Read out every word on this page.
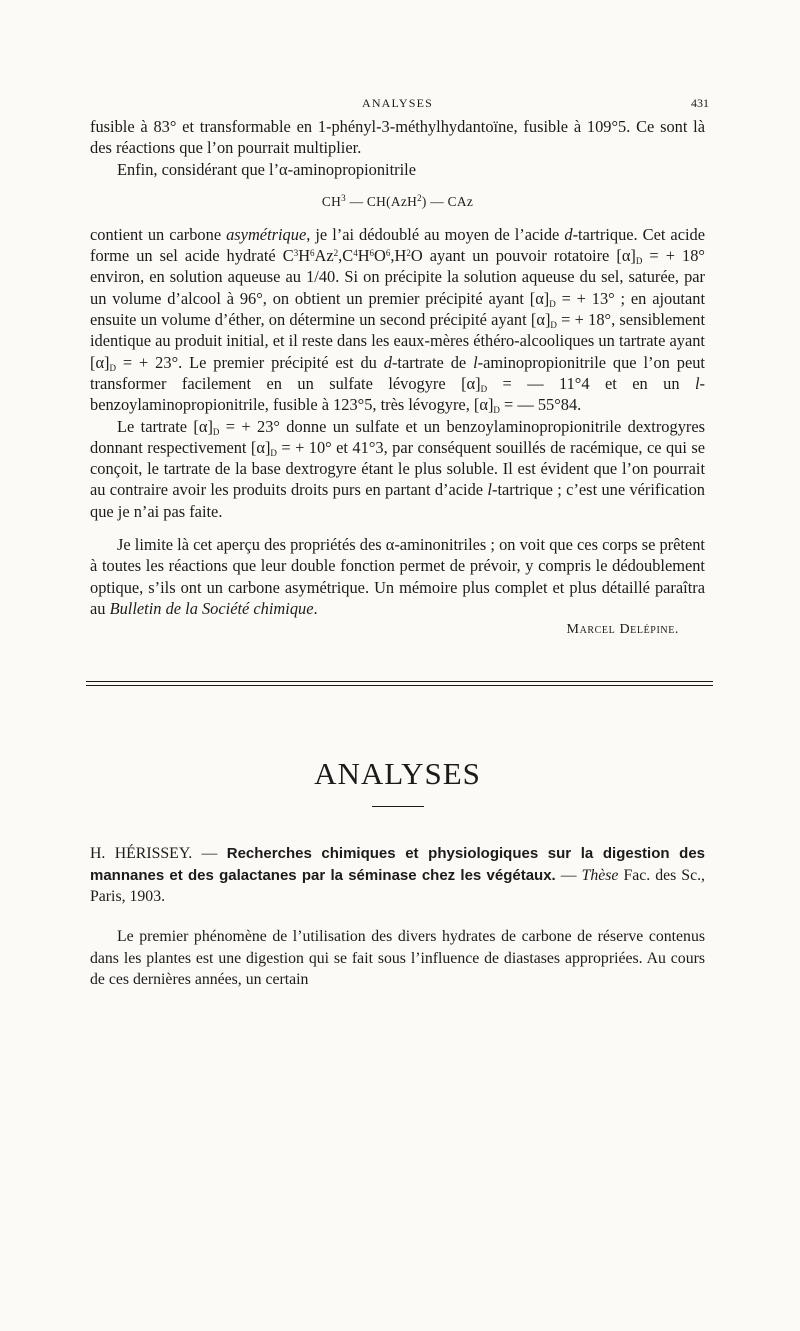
ANALYSES	431

fusible à 83° et transformable en 1-phényl-3-méthylhydantoïne, fusible à 109°5. Ce sont là des réactions que l’on pourrait multiplier.

Enfin, considérant que l’α-aminopropionitrile

$CH^3$ — CH(AzH$^2$) — CAz

contient un carbone asymétrique, je l’ai dédoublé au moyen de l’acide d-tartrique. Cet acide forme un sel acide hydraté $C^3H^6Az^2,C^4H^6O^6,H^2O$ ayant un pouvoir rotatoire $[\alpha]_D$ = + 18° environ, en solution aqueuse au 1/40. Si on précipite la solution aqueuse du sel, saturée, par un volume d’alcool à 96°, on obtient un premier précipité ayant $[\alpha]_D$ = + 13° ; en ajoutant ensuite un volume d’éther, on détermine un second précipité ayant $[\alpha]_D$ = + 18°, sensiblement identique au produit initial, et il reste dans les eaux-mères éthéro-alcooliques un tartrate ayant $[\alpha]_D$ = + 23°. Le premier précipité est du d-tartrate de l-aminopropionitrile que l’on peut transformer facilement en un sulfate lévogyre $[\alpha]_D$ = — 11°4 et en un l-benzoylaminopropionitrile, fusible à 123°5, très lévogyre, $[\alpha]_D$ = — 55°84.

Le tartrate $[\alpha]_D$ = + 23° donne un sulfate et un benzoylaminopropionitrile dextrogyres donnant respectivement $[\alpha]_D$ = + 10° et 41°3, par conséquent souillés de racémique, ce qui se conçoit, le tartrate de la base dextrogyre étant le plus soluble. Il est évident que l’on pourrait au contraire avoir les produits droits purs en partant d’acide l-tartrique ; c’est une vérification que je n’ai pas faite.

Je limite là cet aperçu des propriétés des α-aminonitriles ; on voit que ces corps se prêtent à toutes les réactions que leur double fonction permet de prévoir, y compris le dédoublement optique, s’ils ont un carbone asymétrique. Un mémoire plus complet et plus détaillé paraîtra au Bulletin de la Société chimique.

Marcel Delépine.
ANALYSES
H. HÉRISSEY. — Recherches chimiques et physiologiques sur la digestion des mannanes et des galactanes par la séminase chez les végétaux. — Thèse Fac. des Sc., Paris, 1903.

Le premier phénomène de l’utilisation des divers hydrates de carbone de réserve contenus dans les plantes est une digestion qui se fait sous l’influence de diastases appropriées. Au cours de ces dernières années, un certain
